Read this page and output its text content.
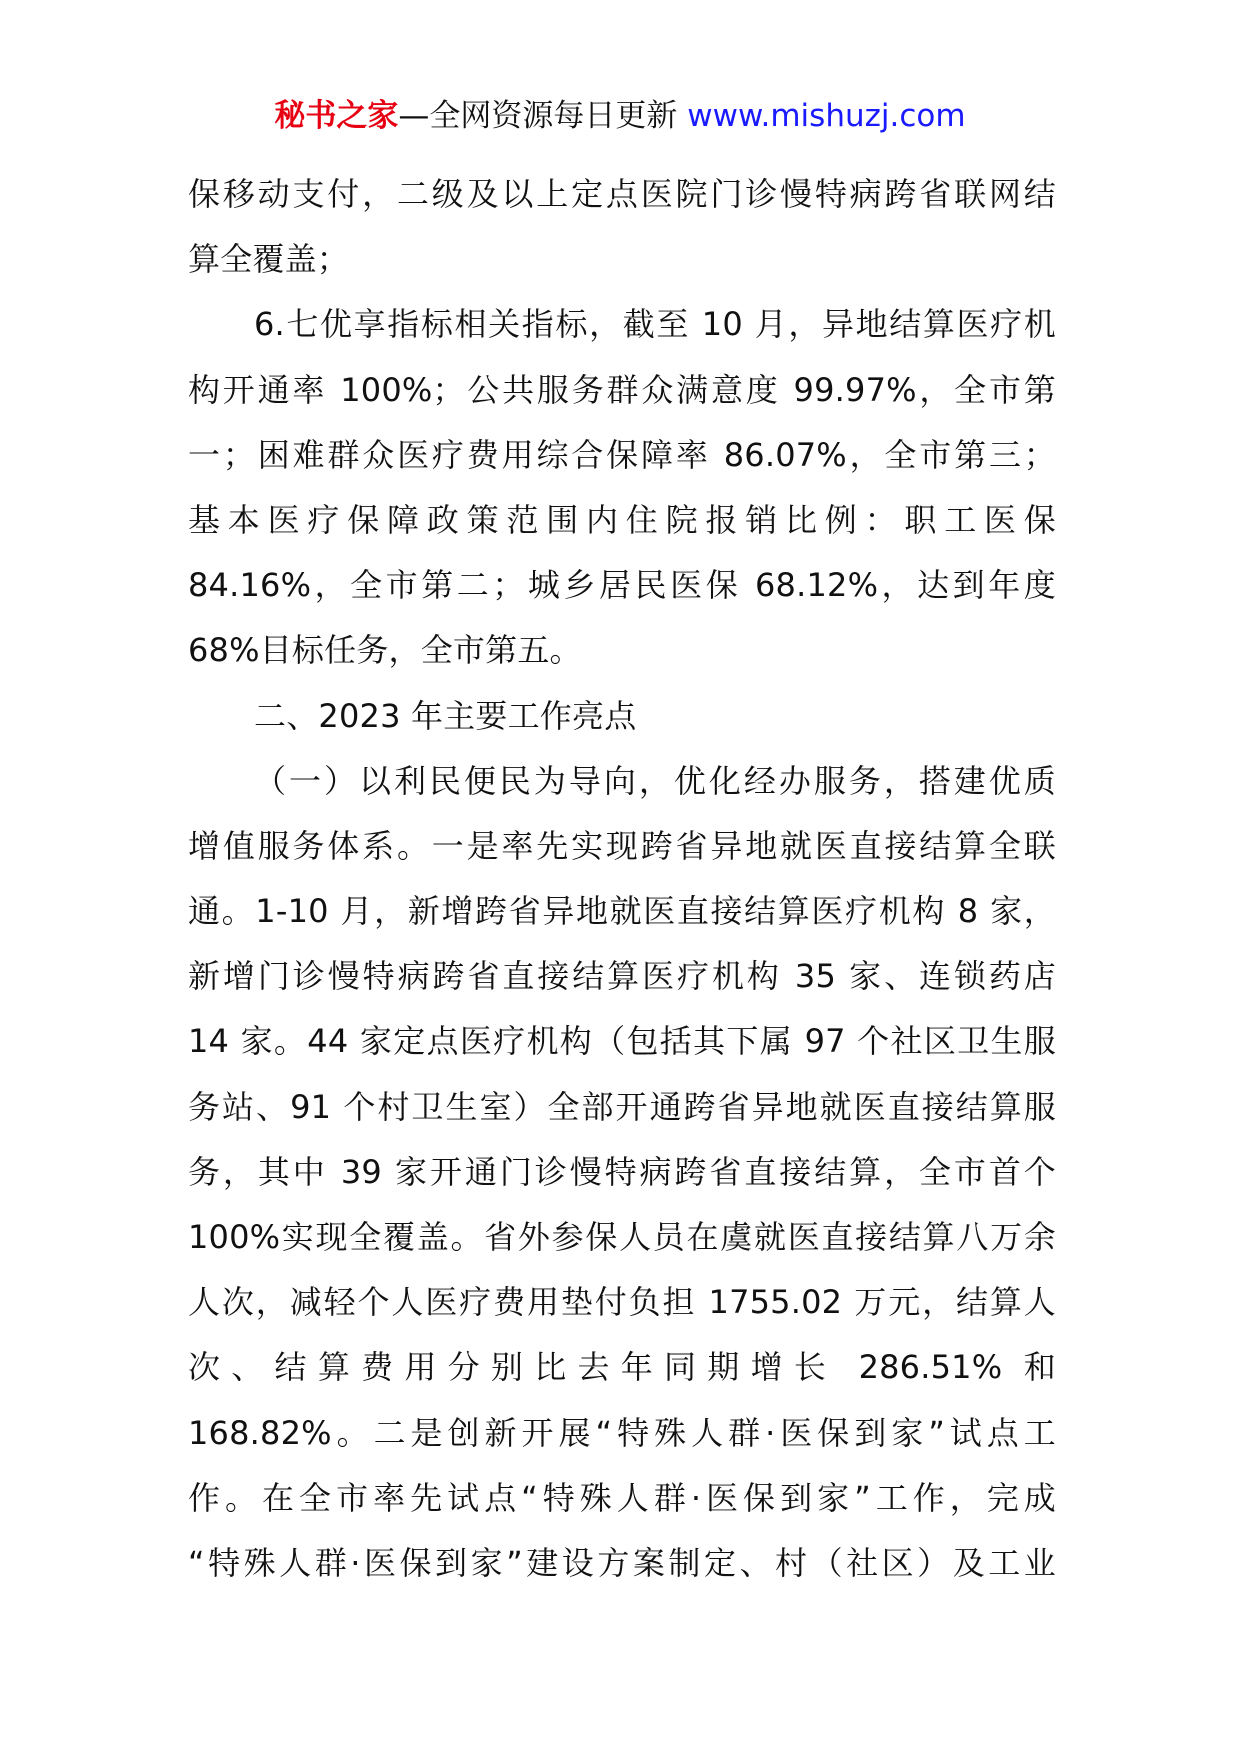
秘书之家—全网资源每日更新 www.mishuzj.com
保移动支付，二级及以上定点医院门诊慢特病跨省联网结
算全覆盖；
6.七优享指标相关指标，截至 10 月，异地结算医疗机
构开通率 100%；公共服务群众满意度 99.97%，全市第
一；困难群众医疗费用综合保障率 86.07%，全市第三；
基本医疗保障政策范围内住院报销比例：职工医保
84.16%，全市第二；城乡居民医保 68.12%，达到年度
68%目标任务，全市第五。
二、2023 年主要工作亮点
（一）以利民便民为导向，优化经办服务，搭建优质
增值服务体系。一是率先实现跨省异地就医直接结算全联
通。1-10 月，新增跨省异地就医直接结算医疗机构 8 家，
新增门诊慢特病跨省直接结算医疗机构 35 家、连锁药店
14 家。44 家定点医疗机构（包括其下属 97 个社区卫生服
务站、91 个村卫生室）全部开通跨省异地就医直接结算服
务，其中 39 家开通门诊慢特病跨省直接结算，全市首个
100%实现全覆盖。省外参保人员在虞就医直接结算八万余
人次，减轻个人医疗费用垫付负担 1755.02 万元，结算人
次、结算费用分别比去年同期增长 286.51% 和
168.82%。二是创新开展“特殊人群·医保到家”试点工
作。在全市率先试点“特殊人群·医保到家”工作，完成
“特殊人群·医保到家”建设方案制定、村（社区）及工业
